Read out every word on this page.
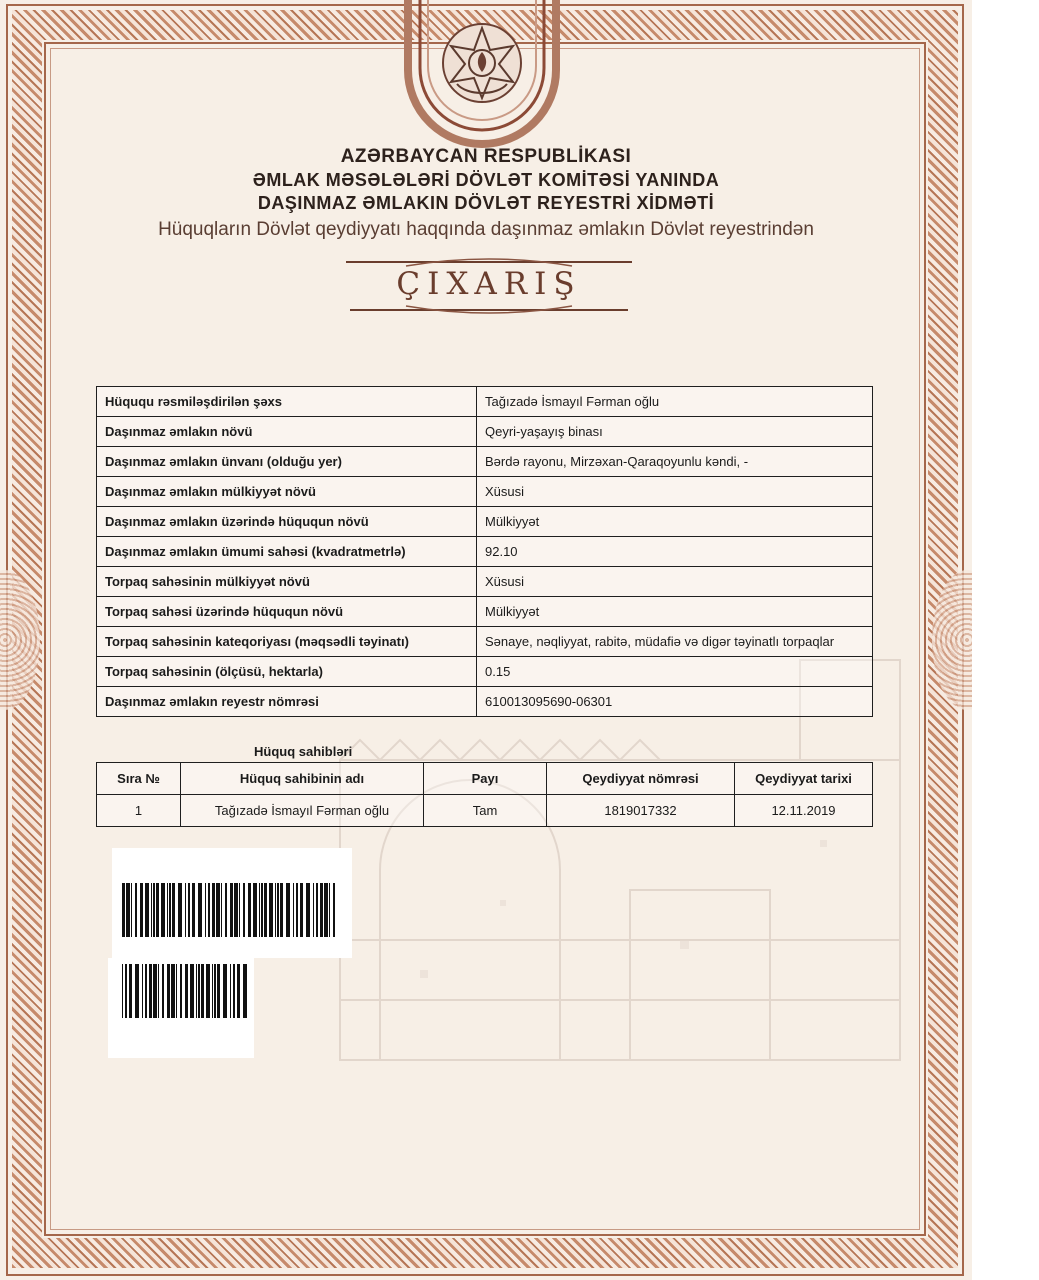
AZƏRBAYCAN RESPUBLİKASI
ƏMLAK MƏSƏLƏLƏRİ DÖVLƏT KOMİTƏSİ YANINDA
DAŞINMAZ ƏMLAKIN DÖVLƏT REYESTRİ XİDMƏTİ
Hüquqların Dövlət qeydiyyatı haqqında daşınmaz əmlakın Dövlət reyestrindən
ÇIXARIŞ
Hüququ rəsmiləşdirilən şəxs	Tağızadə İsmayıl Fərman oğlu
Daşınmaz əmlakın növü	Qeyri-yaşayış binası
Daşınmaz əmlakın ünvanı (olduğu yer)	Bərdə rayonu, Mirzəxan-Qaraqoyunlu kəndi, -
Daşınmaz əmlakın mülkiyyət növü	Xüsusi
Daşınmaz əmlakın üzərində hüququn növü	Mülkiyyət
Daşınmaz əmlakın ümumi sahəsi (kvadratmetrlə)	92.10
Torpaq sahəsinin mülkiyyət növü	Xüsusi
Torpaq sahəsi üzərində hüququn növü	Mülkiyyət
Torpaq sahəsinin kateqoriyası (məqsədli təyinatı)	Sənaye, nəqliyyat, rabitə, müdafiə və digər təyinatlı torpaqlar
Torpaq sahəsinin (ölçüsü, hektarla)	0.15
Daşınmaz əmlakın reyestr nömrəsi	610013095690-06301
Hüquq sahibləri
Sıra №	Hüquq sahibinin adı	Payı	Qeydiyyat nömrəsi	Qeydiyyat tarixi
1	Tağızadə İsmayıl Fərman oğlu	Tam	1819017332	12.11.2019
